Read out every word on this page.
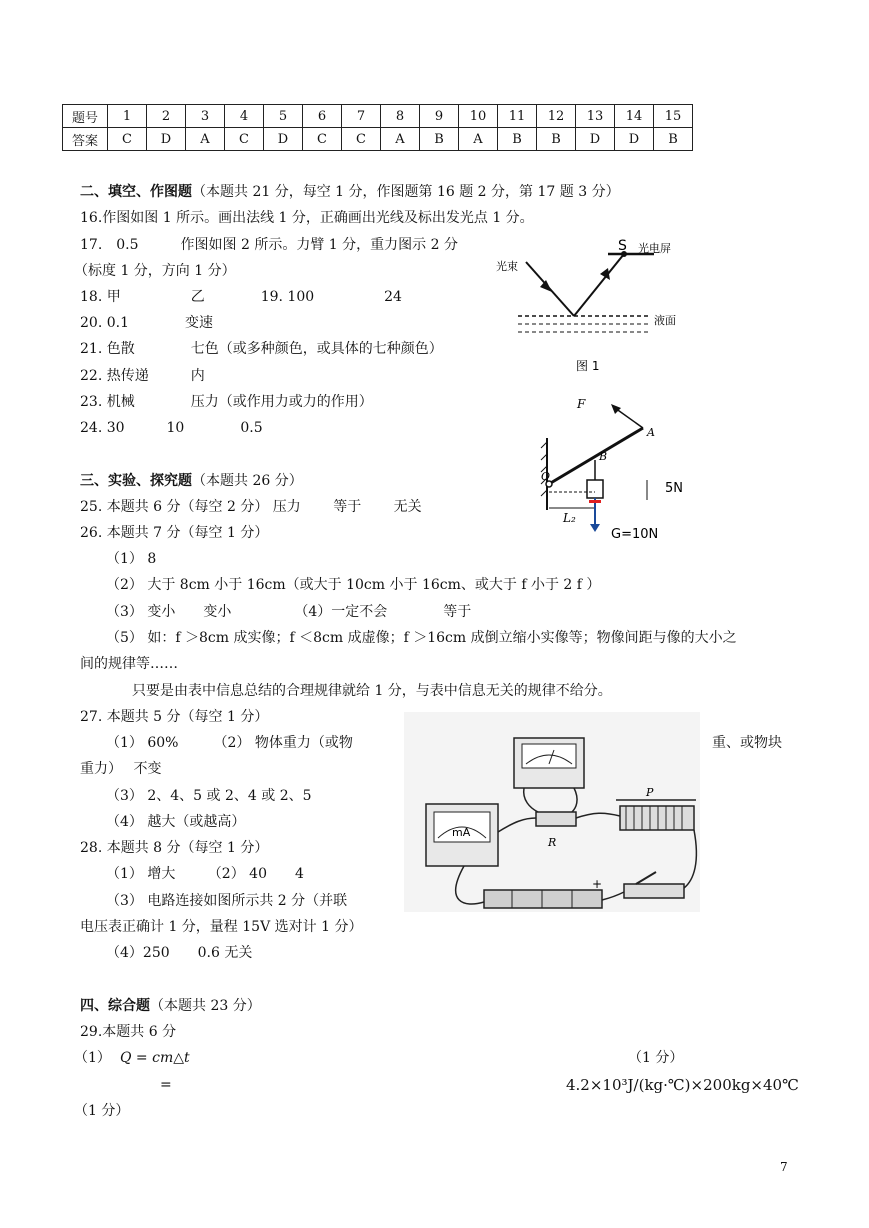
题号	1	2	3	4	5	6	7	8	9	10	11	12	13	14	15
答案	C	D	A	C	D	C	C	A	B	A	B	B	D	D	B
二、填空、作图题（本题共 21 分，每空 1 分，作图题第 16 题 2 分，第 17 题 3 分）
16.作图如图 1 所示。画出法线 1 分，正确画出光线及标出发光点 1 分。
17.　0.5　　　作图如图 2 所示。力臂 1 分，重力图示 2 分
（标度 1 分，方向 1 分）
18. 甲　　　　　乙　　　　19. 100　　　　　24
20. 0.1　　　　变速
21. 色散　　　　七色（或多种颜色，或具体的七种颜色）
22. 热传递　　　内
23. 机械　　　　压力（或作用力或力的作用）
24. 30　　　10　　　　0.5
三、实验、探究题（本题共 26 分）
25. 本题共 6 分（每空 2 分） 压力　　 等于　　 无关
26. 本题共 7 分（每空 1 分）
（1） 8
（2） 大于 8cm 小于 16cm（或大于 10cm 小于 16cm、或大于 f 小于 2 f ）
（3） 变小　　变小　　　　　（4）一定不会　　　　等于
（5） 如：f ＞8cm 成实像；f ＜8cm 成虚像；f ＞16cm 成倒立缩小实像等；物像间距与像的大小之
间的规律等……
只要是由表中信息总结的合理规律就给 1 分，与表中信息无关的规律不给分。
27. 本题共 5 分（每空 1 分）
（1） 60%　　　（2） 物体重力（或物	重、或物块
重力）　 不变
（3） 2、4、5 或 2、4 或 2、5
（4） 越大（或越高）
28. 本题共 8 分（每空 1 分）
（1） 增大　　 （2） 40　　4
（3） 电路连接如图所示共 2 分（并联
电压表正确计 1 分，量程 15V 选对计 1 分）
（4）250　　0.6 无关
四、综合题（本题共 23 分）
29.本题共 6 分
（1） Q = cm△t	（1 分）
=	4.2×10³J/(kg·℃)×200kg×40℃
（1 分）
S 光电屏
光束
液面
图 1
F
A
B
O
L₂
5N
G=10N
mA
R
P
+
7
